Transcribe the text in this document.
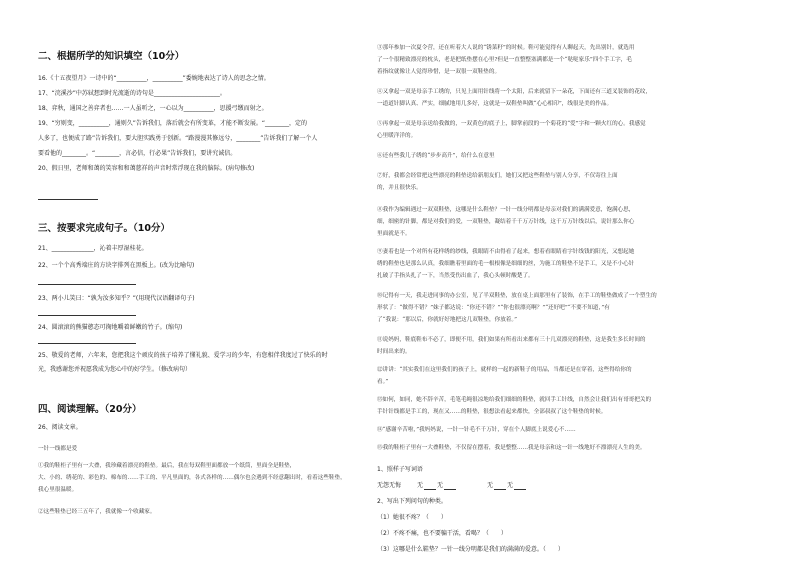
二、根据所学的知识填空（10分）
16.《十五夜望月》一诗中的“__________，__________”委婉地表达了诗人的思念之情。
17、“浣溪沙”中苏轼想到时光流逝的诗句是______________________。
18、弈秋，通国之善弈者也……一人虽听之，一心以为__________，思援弓缴而射之。
19、“穷则变，__________，通则久”告诉我们，落后就会有所变革，才能不断发展。“________，定的
人多了，也便成了路”告诉我们，要大胆实践勇于创新。“路漫漫其修远兮，________”告诉我们了解一个人
要看他的________。“________，言必信，行必果”告诉我们，要讲究诚信。
20、假日里，老师和蔼的笑容和和蔼慈祥的声音时常浮现在我的脑际。(病句修改)
三、按要求完成句子。（10分）
21、______________，沁着丰厚湿桂花。
22、一个个高秀端庄的方块字排列在黑板上。(改为比喻句)
23、两小儿笑曰：“孰为汝多知乎？”(用现代汉语翻译句子)
24、圆滚滚的熊猫憨态可掬地嚼着鲜嫩的竹子。(缩句)
25、敬爱的老师，六年来，您把我这个顽皮的孩子培养了懂礼貌、爱学习的少年，有您相伴我度过了快乐的时
光，我感谢您并祝愿我成为您心中的好学生。（修改病句）
四、阅读理解。（20分）
26、阅读文章。
一针一线都是爱
①我的鞋柜子里有一大叠，我珍藏着漂亮的鞋垫。最后，我在每双鞋里面都放一个纸筒，里面全是鞋垫，
大、小的、绣花的、彩色的、棉布的……手工的、平凡里面的，各式各样的……偶尔也会遇到不经意翻出时，看着这些鞋垫，
我心里很温暖。
②这些鞋垫已经三五年了，我就像一个收藏家。
③那年参加一次夏令营，还在听着大人说的“锈菜籽”的时候。鞋可能觉得有人聊起天，先出别针，就选用
了一个很精致漂亮的枕头，老是把纸垫摆在心里?但是一直整整塞满都是一个“哒哒家乐”四个手工字，毛
着指纹就像让人觉得珍惜，是一双很一双鞋垫的。
④又拿起一双是母亲手工绣的，只见上面用针线将一个太阳，后来就留下一朵花，下面还有三道叉装饰的花纹，
一道道针脚认真、严实，细腻地用几多好，这就是一双鞋垫叫做“心心相印”，线很是美的作品。
⑤再拿起一双是母亲送给我做的，一双黄色的底子上，脚掌前段的一个菊花的“爱”字和一颗火红的心。我感觉
心里暖洋洋的。
⑥还有些我儿子绣的“步步高升”，给什么在意里
⑦好，我都会经常把这些漂亮的鞋垫送给新朋友们，她们又把这些鞋垫与别人分享，不仅寄往上面
的，并且很快乐。
⑧我作为编辑遇过一双双鞋垫，这哪是什么鞋垫？一针一线分明都是母亲对我们的满满爱意，饱满心思，
细，细密的针脚，都是对我们的爱，一双鞋垫，凝结着千千万万针线，这千万万针线以后，说针那么你心
里面就是不。
⑨妻着也是一个对所有花样绣的纱线，我眼睛不由得看了起来，想着看眼睛看字针线钱的阳光，又想起她
绣的鞋垫也是那么认真，我细瞧着里面的毛一根根像是细细的丝，为施工的鞋垫不是手工，又是不小心针
扎破了手指头扎了一下，当然受伤出血了，我心头顿时酸楚了。
⑩记得有一天，我走进同事的办公室，见了半双鞋垫，放在桌上面那里有了装饰，在手工的鞋垫做成了一个塑生的
形状了：“做得不错？”妹子都达说：“你还不错？”“你也很漂亮啊？”“还好吧”“不要不知道，”有
了“我说：“那以后，你就好好地把这几双鞋垫，你放着。”
⑪说妈妈，鞋底鞋布不必了，即便不用，我们如果有所看出来都有三十几双漂亮的鞋垫，这是我生多长时间的
时间出来的。
⑫讲讲：“其实我们在这里我们的孩子上，就样的一起的新鞋子的用品，当都还是在穿着，这些得给你的
看。”
⑬如何，如同，她不辞辛苦，毛笔毛绳很凉地给我们细细的鞋垫，就回手工针线，自然会让我们出有哥哥把关的
手针针线都是手工的，现在又……的鞋垫，很想法看起来都快，全部叔叔了这个鞋垫的时候。
⑭“感谢辛苦啦，”我妈妈说，一针一针毛不千万针，穿在个人脚底上说爱心不……
⑮我的鞋柜子里有一大叠鞋垫，不仅留在摆着，我是整整……我是母亲和这一针一线地好不漂漂亮人生的美。
1、照样子写词语
无怨无悔	无 无	无 无
2、写出下列问句的种类。
（1）她很不疼？（　　）
（2）不疼不痛，也不要骗干活，看喝？（　　）
（3）这哪是什么鞋垫？一针一线分明都是我们的满满的爱意。（　　）
